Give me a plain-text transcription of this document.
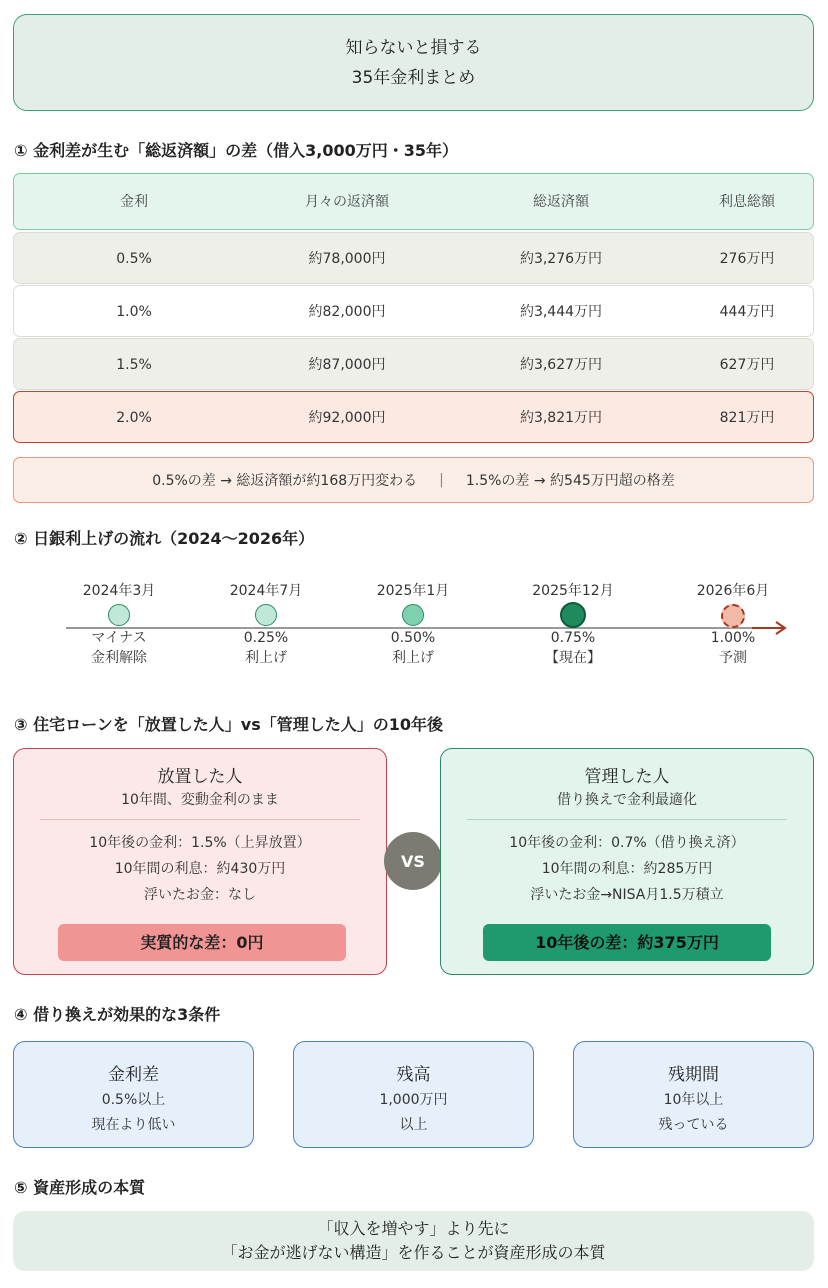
知らないと損する
35年金利まとめ
① 金利差が生む「総返済額」の差（借入3,000万円・35年）
金利	月々の返済額	総返済額	利息総額
0.5%	約78,000円	約3,276万円	276万円
1.0%	約82,000円	約3,444万円	444万円
1.5%	約87,000円	約3,627万円	627万円
2.0%	約92,000円	約3,821万円	821万円
0.5%の差 → 総返済額が約168万円変わる | 1.5%の差 → 約545万円超の格差
② 日銀利上げの流れ（2024〜2026年）
2024年3月
マイナス
金利解除
2024年7月
0.25%
利上げ
2025年1月
0.50%
利上げ
2025年12月
0.75%
【現在】
2026年6月
1.00%
予測
③ 住宅ローンを「放置した人」vs「管理した人」の10年後
放置した人
10年間、変動金利のまま
10年後の金利：1.5%（上昇放置）
10年間の利息：約430万円
浮いたお金：なし
実質的な差：0円
VS
管理した人
借り換えで金利最適化
10年後の金利：0.7%（借り換え済）
10年間の利息：約285万円
浮いたお金→NISA月1.5万積立
10年後の差：約375万円
④ 借り換えが効果的な3条件
金利差
0.5%以上
現在より低い
残高
1,000万円
以上
残期間
10年以上
残っている
⑤ 資産形成の本質
「収入を増やす」より先に
「お金が逃げない構造」を作ることが資産形成の本質
